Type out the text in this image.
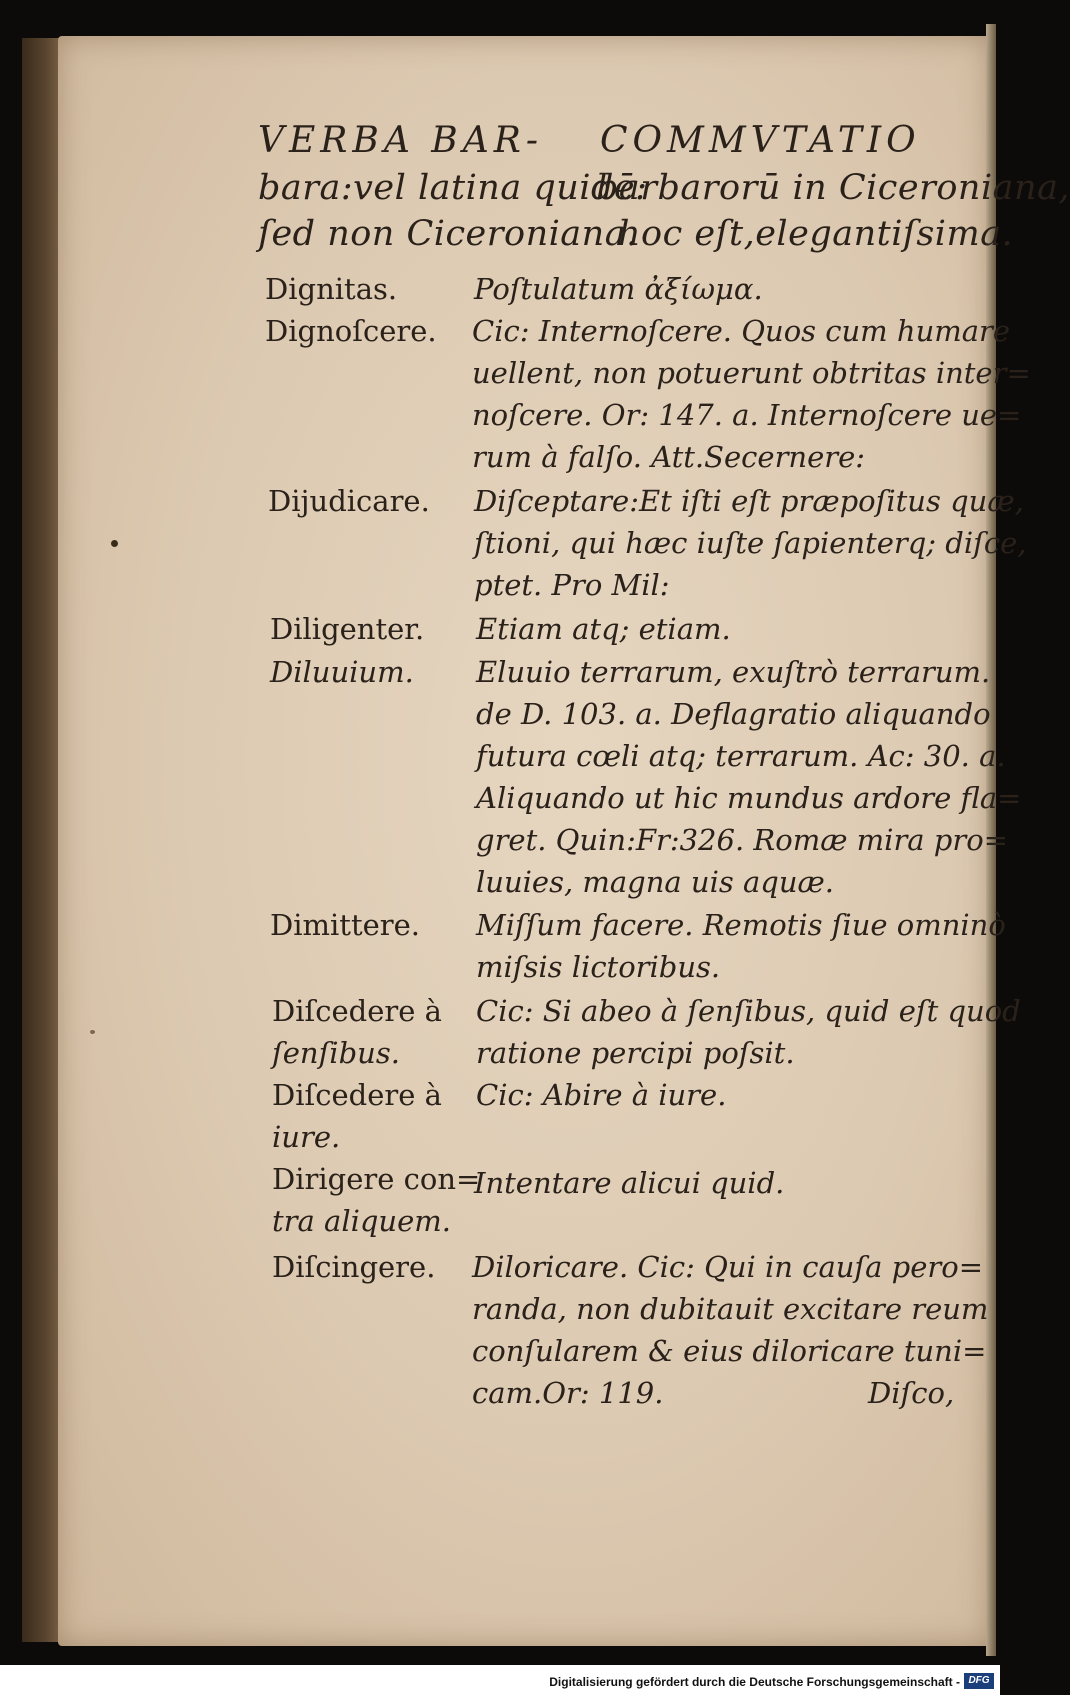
VERBA BAR-
bara:vel latina quidē:
ſed non Ciceroniana.
COMMVTATIO
barbarorū in Ciceroniana,
hoc eſt,elegantiſsima.
Dignitas.
Dignoſcere.
Dijudicare.
Diligenter.
Diluuium.
Dimittere.
Diſcedere à
ſenſibus.
Diſcedere à
iure.
Dirigere con=
tra aliquem.
Diſcingere.
Poſtulatum ἀξίωμα.
Cic: Internoſcere. Quos cum humare
uellent, non potuerunt obtritas inter=
noſcere. Or: 147. a. Internoſcere ue=
rum à falſo. Att.Secernere:
Diſceptare:Et iſti eſt præpoſitus quæ,
ſtioni, qui hæc iuſte ſapienterq; diſce,
ptet. Pro Mil:
Etiam atq; etiam.
Eluuio terrarum, exuſtrò terrarum.
de D. 103. a. Deflagratio aliquando
futura cœli atq; terrarum. Ac: 30. a.
Aliquando ut hic mundus ardore fla=
gret. Quin:Fr:326. Romæ mira pro=
luuies, magna uis aquæ.
Miſſum facere. Remotis ſiue omninò
miſsis lictoribus.
Cic: Si abeo à ſenſibus, quid eſt quod
ratione percipi poſsit.
Cic: Abire à iure.
Intentare alicui quid.
Diloricare. Cic: Qui in cauſa pero=
randa, non dubitauit excitare reum
conſularem & eius diloricare tuni=
cam.Or: 119.	Diſco,
Digitalisierung gefördert durch die Deutsche Forschungsgemeinschaft - DFG
